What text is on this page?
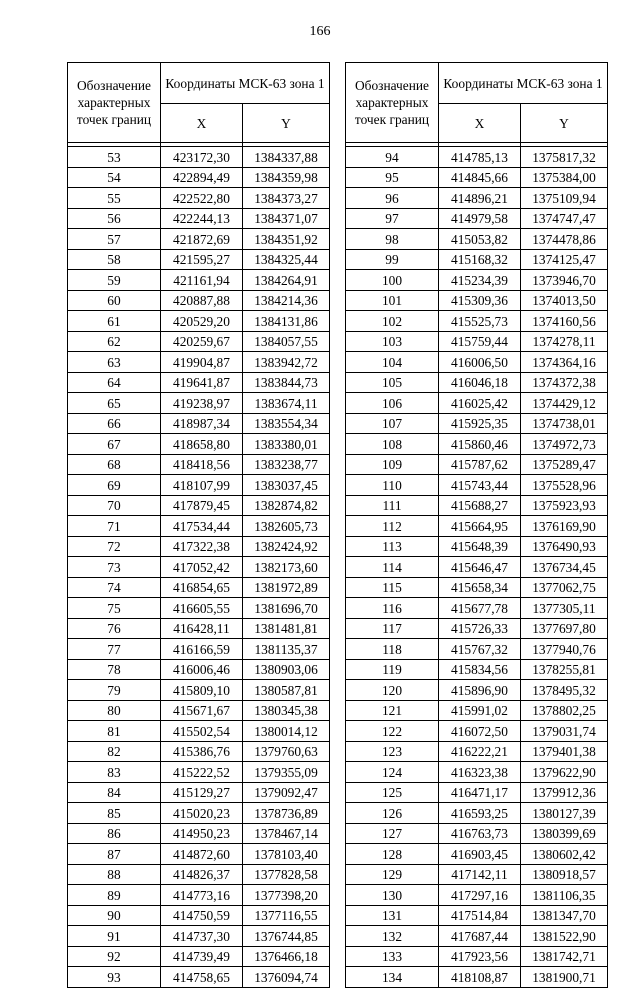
166
Обозначение характерных точек границ	Координаты МСК-63 зона 1	
	X	Y

53	423172,30	1384337,88
54	422894,49	1384359,98
55	422522,80	1384373,27
56	422244,13	1384371,07
57	421872,69	1384351,92
58	421595,27	1384325,44
59	421161,94	1384264,91
60	420887,88	1384214,36
61	420529,20	1384131,86
62	420259,67	1384057,55
63	419904,87	1383942,72
64	419641,87	1383844,73
65	419238,97	1383674,11
66	418987,34	1383554,34
67	418658,80	1383380,01
68	418418,56	1383238,77
69	418107,99	1383037,45
70	417879,45	1382874,82
71	417534,44	1382605,73
72	417322,38	1382424,92
73	417052,42	1382173,60
74	416854,65	1381972,89
75	416605,55	1381696,70
76	416428,11	1381481,81
77	416166,59	1381135,37
78	416006,46	1380903,06
79	415809,10	1380587,81
80	415671,67	1380345,38
81	415502,54	1380014,12
82	415386,76	1379760,63
83	415222,52	1379355,09
84	415129,27	1379092,47
85	415020,23	1378736,89
86	414950,23	1378467,14
87	414872,60	1378103,40
88	414826,37	1377828,58
89	414773,16	1377398,20
90	414750,59	1377116,55
91	414737,30	1376744,85
92	414739,49	1376466,18
93	414758,65	1376094,74
Обозначение характерных точек границ	Координаты МСК-63 зона 1	
	X	Y

94	414785,13	1375817,32
95	414845,66	1375384,00
96	414896,21	1375109,94
97	414979,58	1374747,47
98	415053,82	1374478,86
99	415168,32	1374125,47
100	415234,39	1373946,70
101	415309,36	1374013,50
102	415525,73	1374160,56
103	415759,44	1374278,11
104	416006,50	1374364,16
105	416046,18	1374372,38
106	416025,42	1374429,12
107	415925,35	1374738,01
108	415860,46	1374972,73
109	415787,62	1375289,47
110	415743,44	1375528,96
111	415688,27	1375923,93
112	415664,95	1376169,90
113	415648,39	1376490,93
114	415646,47	1376734,45
115	415658,34	1377062,75
116	415677,78	1377305,11
117	415726,33	1377697,80
118	415767,32	1377940,76
119	415834,56	1378255,81
120	415896,90	1378495,32
121	415991,02	1378802,25
122	416072,50	1379031,74
123	416222,21	1379401,38
124	416323,38	1379622,90
125	416471,17	1379912,36
126	416593,25	1380127,39
127	416763,73	1380399,69
128	416903,45	1380602,42
129	417142,11	1380918,57
130	417297,16	1381106,35
131	417514,84	1381347,70
132	417687,44	1381522,90
133	417923,56	1381742,71
134	418108,87	1381900,71
